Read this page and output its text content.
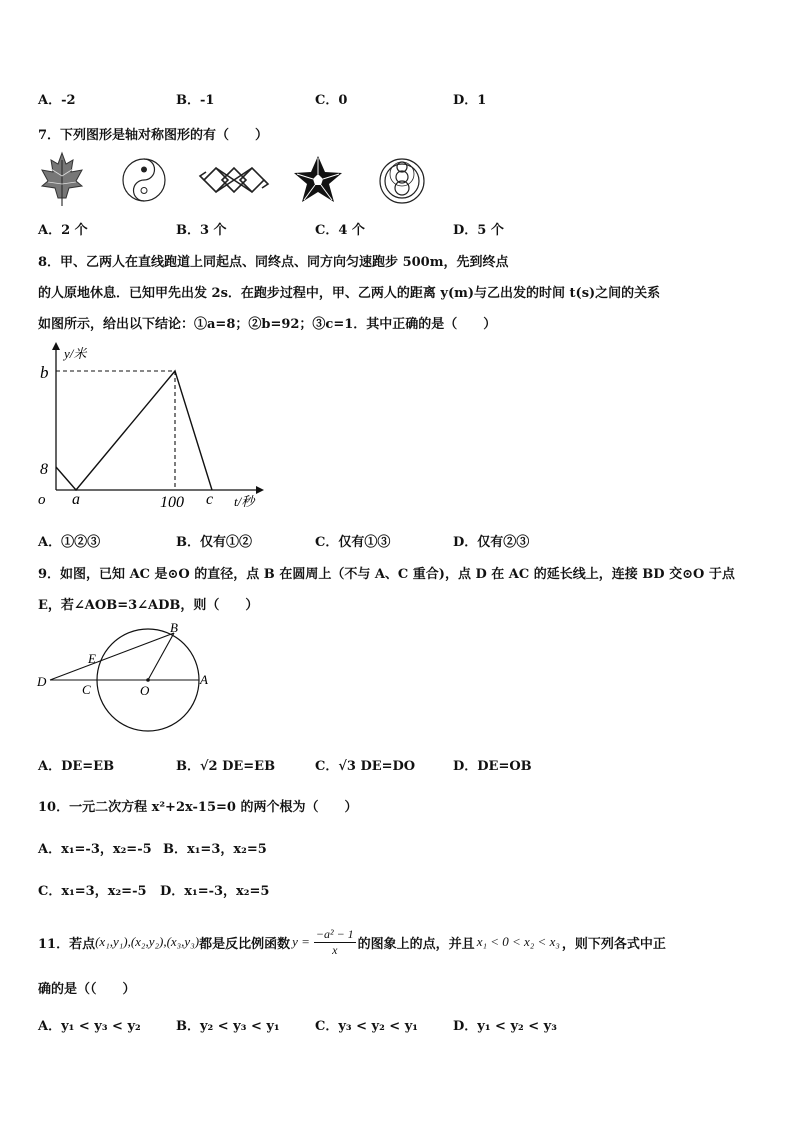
A．-2	B．-1	C．0	D．1
7．下列图形是轴对称图形的有（　　）
A．2 个	B．3 个	C．4 个	D．5 个
8．甲、乙两人在直线跑道上同起点、同终点、同方向匀速跑步 500m，先到终点
的人原地休息．已知甲先出发 2s．在跑步过程中，甲、乙两人的距离 y(m)与乙出发的时间 t(s)之间的关系
如图所示，给出以下结论：①a=8；②b=92；③c=1．其中正确的是（　　）
y/米
b
8
o a	100 c t/秒
A．①②③	B．仅有①②	C．仅有①③	D．仅有②③
9．如图，已知 AC 是⊙O 的直径，点 B 在圆周上（不与 A、C 重合)，点 D 在 AC 的延长线上，连接 BD 交⊙O 于点
E，若∠AOB=3∠ADB，则（　　）
B
E
D
C	O
A
A．DE=EB	B．√2 DE=EB	C．√3 DE=DO	D．DE=OB
10．一元二次方程 x²+2x-15=0 的两个根为（　　）
A．x₁=-3，x₂=-5 B．x₁=3，x₂=5
C．x₁=3，x₂=-5 D．x₁=-3，x₂=5
11．若点 (x₁,y₁),(x₂,y₂),(x₃,y₃) 都是反比例函数 $y = \frac{\text{−a² − 1}}{x}$ 的图象上的点，并且 x₁ < 0 < x₂ < x₃ ，则下列各式中正
确的是（（　　）
A．y₁ < y₃ < y₂	B．y₂ < y₃ < y₁	C．y₃ < y₂ < y₁	D．y₁ < y₂ < y₃
